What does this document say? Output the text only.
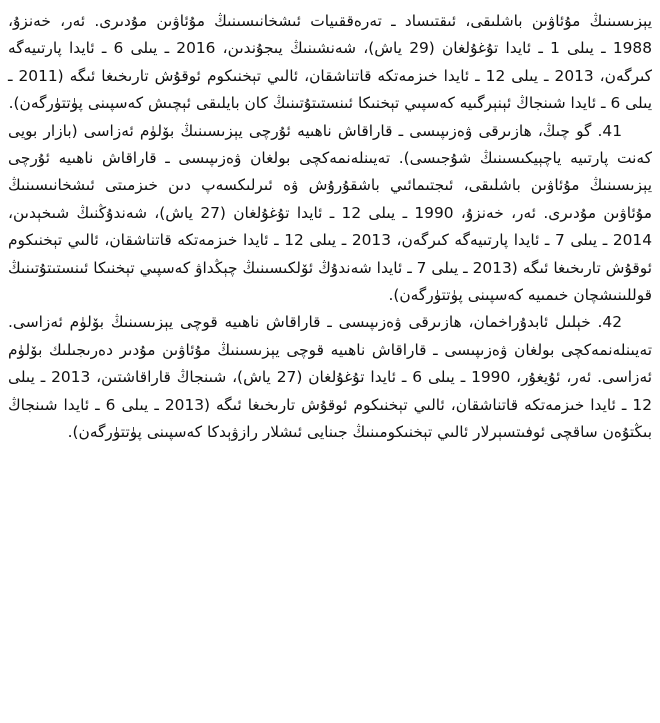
يېزىسىنىڭ مۇئاۋىن باشلىقى، ئىقتىساد ـ تەرەققىيات ئىشخانىسىنىڭ مۇئاۋىن مۇدىرى. ئەر، خەنزۇ، 1988 ـ يىلى 1 ـ ئايدا تۇغۇلغان (29 ياش)، شەنشىنىڭ يىجۇندىن، 2016 ـ يىلى 6 ـ ئايدا پارتىيەگە كىرگەن، 2013 ـ يىلى 12 ـ ئايدا خىزمەتكە قاتناشقان، ئالىي تېخنىكوم ئوقۇش تارىخىغا ئىگە (2011 ـ يىلى 6 ـ ئايدا شىنجاڭ ئېنېرگىيە كەسپىي تېخنىكا ئىنستىتۇتىنىڭ كان بايلىقى ئېچىش كەسپىنى پۈتتۈرگەن).

41. گو چىڭ، ھازىرقى ۋەزىپىسى ـ قاراقاش ناھىيە ئۇرچى يېزىسىنىڭ بۆلۈم ئەزاسى (بازار بويى كەنت پارتىيە ياچېيكىسىنىڭ شۇجىسى). تەيىنلەنمەكچى بولغان ۋەزىپىسى ـ قاراقاش ناھىيە ئۇرچى يېزىسىنىڭ مۇئاۋىن باشلىقى، ئىجتىمائىي باشقۇرۇش ۋە ئىرلىكسەپ دىن خىزمىتى ئىشخانىسىنىڭ مۇئاۋىن مۇدىرى. ئەر، خەنزۇ، 1990 ـ يىلى 12 ـ ئايدا تۇغۇلغان (27 ياش)، شەندۇڭنىڭ شىخېدىن، 2014 ـ يىلى 7 ـ ئايدا پارتىيەگە كىرگەن، 2013 ـ يىلى 12 ـ ئايدا خىزمەتكە قاتناشقان، ئالىي تېخنىكوم ئوقۇش تارىخىغا ئىگە (2013 ـ يىلى 7 ـ ئايدا شەندۇڭ ئۆلكىسىنىڭ چېڭداۋ كەسپىي تېخنىكا ئىنستىتۇتىنىڭ قوللىنىشچان خىمىيە كەسپىنى پۈتتۈرگەن).

42. خېلىل ئابدۇراخمان، ھازىرقى ۋەزىپىسى ـ قاراقاش ناھىيە قوچى يېزىسىنىڭ بۆلۈم ئەزاسى. تەيىنلەنمەكچى بولغان ۋەزىپىسى ـ قاراقاش ناھىيە قوچى يېزىسىنىڭ مۇئاۋىن مۇدىر دەرىجىلىك بۆلۈم ئەزاسى. ئەر، ئۇيغۇر، 1990 ـ يىلى 6 ـ ئايدا تۇغۇلغان (27 ياش)، شىنجاڭ قاراقاشتىن، 2013 ـ يىلى 12 ـ ئايدا خىزمەتكە قاتناشقان، ئالىي تېخنىكوم ئوقۇش تارىخىغا ئىگە (2013 ـ يىلى 6 ـ ئايدا شىنجاڭ بىڭتۇەن ساقچى ئوفىتسېرلار ئالىي تېخنىكومىنىڭ جىنايى ئىشلار رازۋېدكا كەسپىنى پۈتتۈرگەن).
